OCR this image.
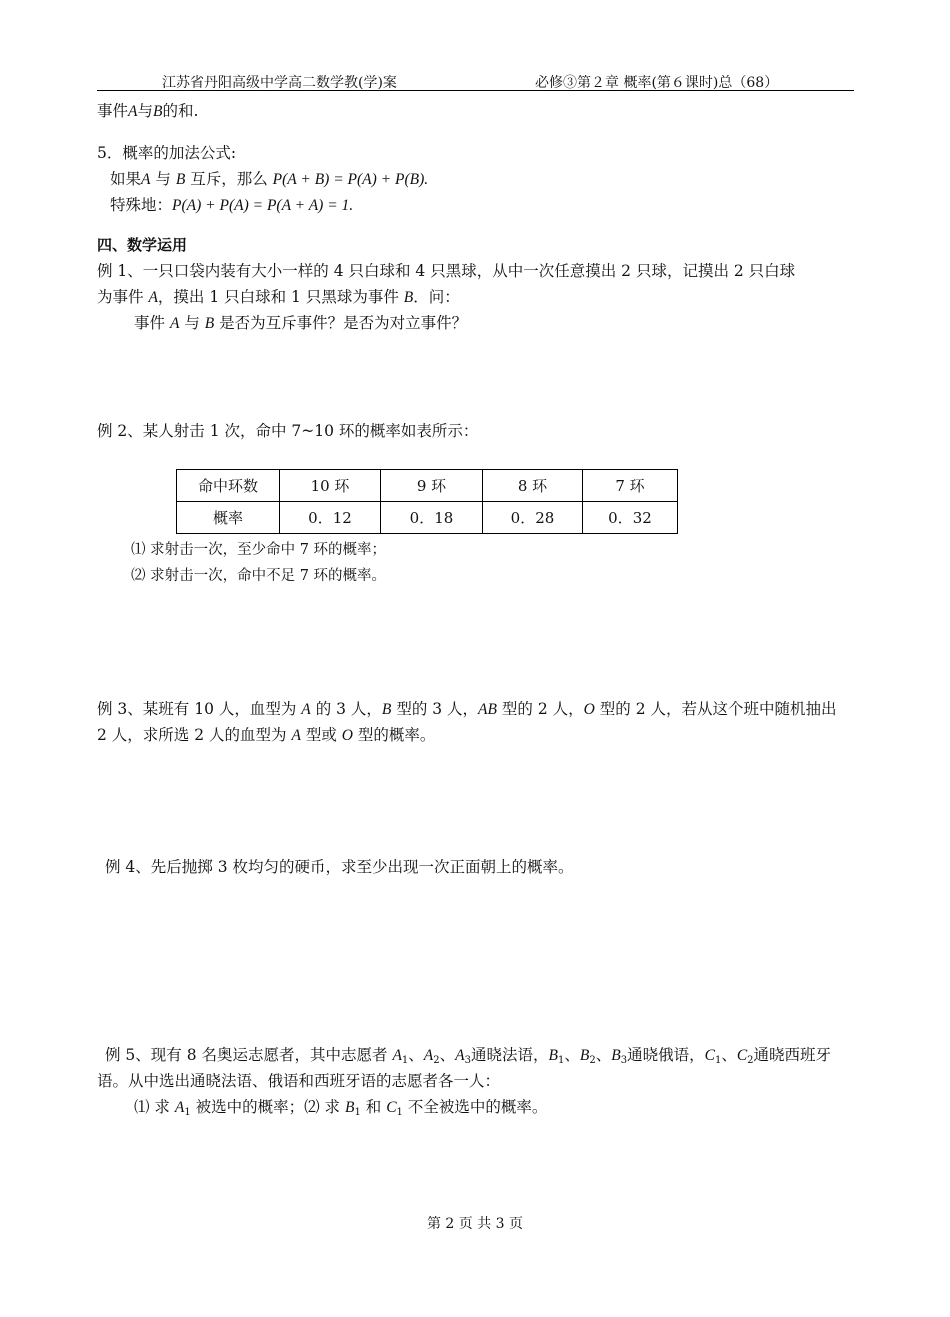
江苏省丹阳高级中学高二数学教(学)案	必修③第２章 概率(第６课时)总（68）
事件A与B的和.
5．概率的加法公式:
如果A 与 B 互斥，那么 P(A + B) = P(A) + P(B).
特殊地：P(A) + P(A) = P(A + A) = 1.
四、数学运用
例 1、一只口袋内装有大小一样的 4 只白球和 4 只黑球，从中一次任意摸出 2 只球，记摸出 2 只白球
为事件 A，摸出 1 只白球和 1 只黑球为事件 B．问：
事件 A 与 B 是否为互斥事件？是否为对立事件？
例 2、某人射击 1 次，命中 7~10 环的概率如表所示：
命中环数	10 环	9 环	8 环	7 环
概率	0．12	0．18	0．28	0．32
⑴ 求射击一次，至少命中 7 环的概率；
⑵ 求射击一次，命中不足 7 环的概率。
例 3、某班有 10 人，血型为 A 的 3 人，B 型的 3 人，AB 型的 2 人，O 型的 2 人，若从这个班中随机抽出
2 人，求所选 2 人的血型为 A 型或 O 型的概率。
例 4、先后抛掷 3 枚均匀的硬币，求至少出现一次正面朝上的概率。
例 5、现有 8 名奥运志愿者，其中志愿者 $A_1$、$A_2$、$A_3$通晓法语，$B_1$、$B_2$、$B_3$通晓俄语，$C_1$、$C_2$通晓西班牙
语。从中选出通晓法语、俄语和西班牙语的志愿者各一人：
⑴ 求 $A_1$ 被选中的概率；⑵ 求 $B_1$ 和 $C_1$ 不全被选中的概率。
第 2 页 共 3 页
